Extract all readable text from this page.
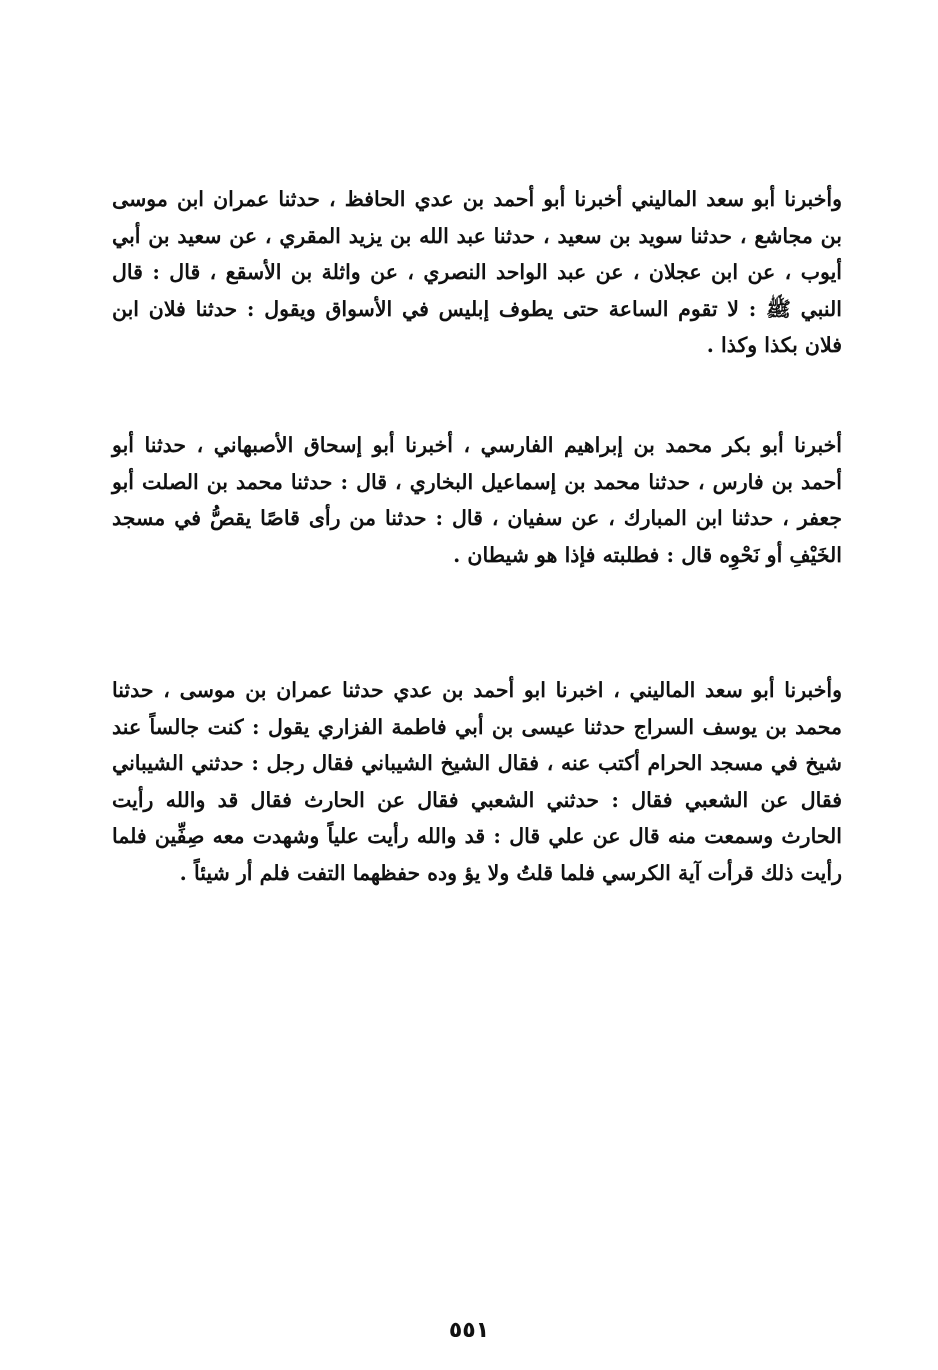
وأخبرنا أبو سعد الماليني أخبرنا أبو أحمد بن عدي الحافظ ، حدثنا عمران ابن موسى بن مجاشع ، حدثنا سويد بن سعيد ، حدثنا عبد الله بن يزيد المقري ، عن سعيد بن أبي أيوب ، عن ابن عجلان ، عن عبد الواحد النصري ، عن واثلة بن الأسقع ، قال : قال النبي ﷺ : لا تقوم الساعة حتى يطوف إبليس في الأسواق ويقول : حدثنا فلان ابن فلان بكذا وكذا .

أخبرنا أبو بكر محمد بن إبراهيم الفارسي ، أخبرنا أبو إسحاق الأصبهاني ، حدثنا أبو أحمد بن فارس ، حدثنا محمد بن إسماعيل البخاري ، قال : حدثنا محمد بن الصلت أبو جعفر ، حدثنا ابن المبارك ، عن سفيان ، قال : حدثنا من رأى قاصًا يقصُّ في مسجد الخَيْفِ أو نَحْوِه قال : فطلبته فإذا هو شيطان .

وأخبرنا أبو سعد الماليني ، اخبرنا ابو أحمد بن عدي حدثنا عمران بن موسى ، حدثنا محمد بن يوسف السراج حدثنا عيسى بن أبي فاطمة الفزاري يقول : كنت جالساً عند شيخ في مسجد الحرام أكتب عنه ، فقال الشيخ الشيباني فقال رجل : حدثني الشيباني فقال عن الشعبي فقال : حدثني الشعبي فقال عن الحارث فقال قد والله رأيت الحارث وسمعت منه قال عن علي قال : قد والله رأيت علياً وشهدت معه صِفِّين فلما رأيت ذلك قرأت آية الكرسي فلما قلتُ ولا يؤ وده حفظهما التفت فلم أر شيئاً .

٥٥١
